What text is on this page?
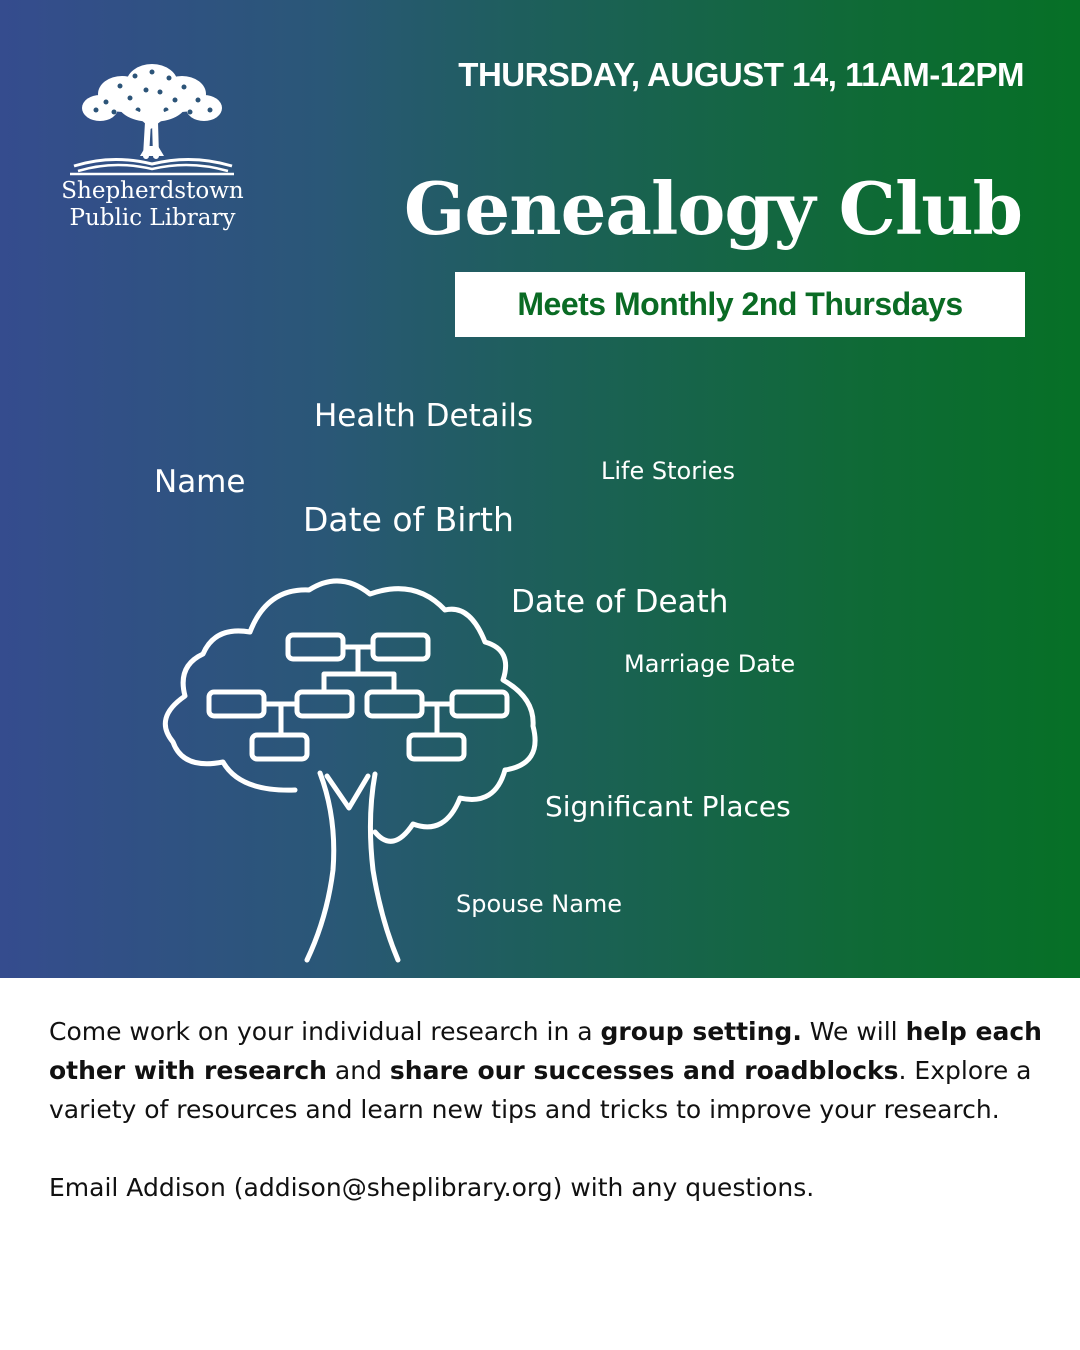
Shepherdstown
Public Library
THURSDAY, AUGUST 14, 11AM-12PM
Genealogy Club
Meets Monthly 2nd Thursdays
Health Details
Name	Life Stories
Date of Birth
Date of Death
Marriage Date
Significant Places
Spouse Name

Come work on your individual research in a group setting. We will help each other with research and share our successes and roadblocks. Explore a variety of resources and learn new tips and tricks to improve your research.

Email Addison (addison@sheplibrary.org) with any questions.
